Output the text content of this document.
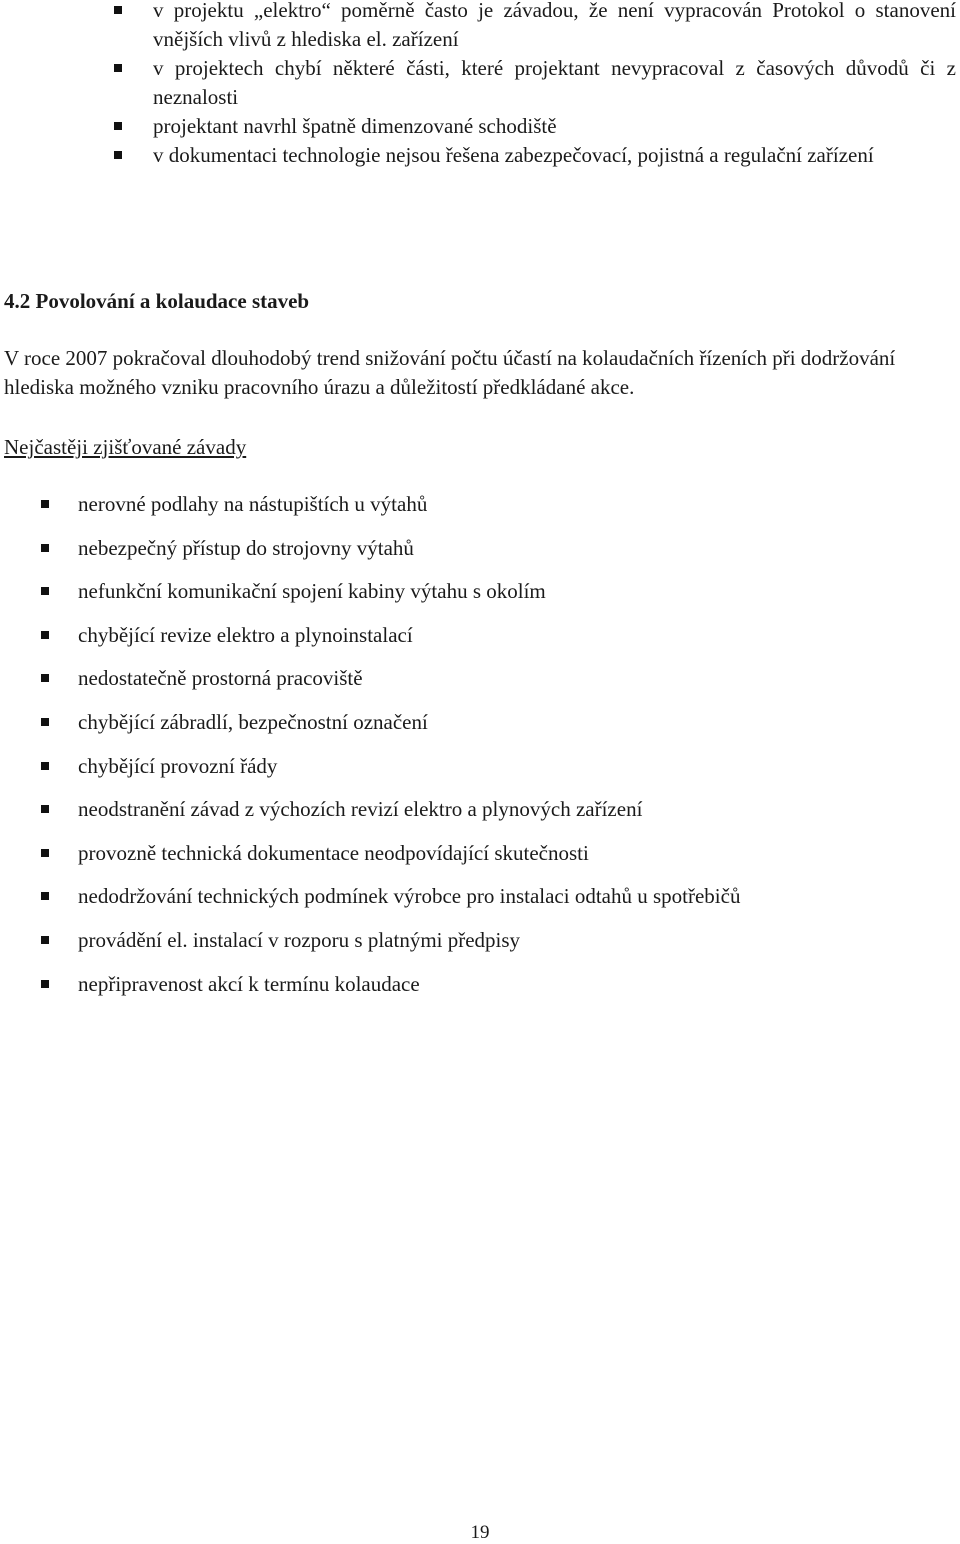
v projektu „elektro“ poměrně často je závadou, že není vypracován Protokol o stanovení vnějších vlivů z hlediska el. zařízení
v projektech chybí některé části, které projektant nevypracoval z časových důvodů či z neznalosti
projektant navrhl špatně dimenzované schodiště
v dokumentaci technologie nejsou řešena zabezpečovací, pojistná a regulační zařízení
4.2 Povolování a kolaudace staveb

V roce 2007 pokračoval dlouhodobý trend snižování počtu účastí na kolaudačních řízeních při dodržování hlediska možného vzniku pracovního úrazu a důležitostí předkládané akce.

Nejčastěji zjišťované závady

nerovné podlahy na nástupištích u výtahů
nebezpečný přístup do strojovny výtahů
nefunkční komunikační spojení kabiny výtahu s okolím
chybějící revize elektro a plynoinstalací
nedostatečně prostorná pracoviště
chybějící zábradlí, bezpečnostní označení
chybějící provozní řády
neodstranění závad z výchozích revizí elektro a plynových zařízení
provozně technická dokumentace neodpovídající skutečnosti
nedodržování technických podmínek výrobce pro instalaci odtahů u spotřebičů
provádění el. instalací v rozporu s platnými předpisy
nepřipravenost akcí k termínu kolaudace
19
